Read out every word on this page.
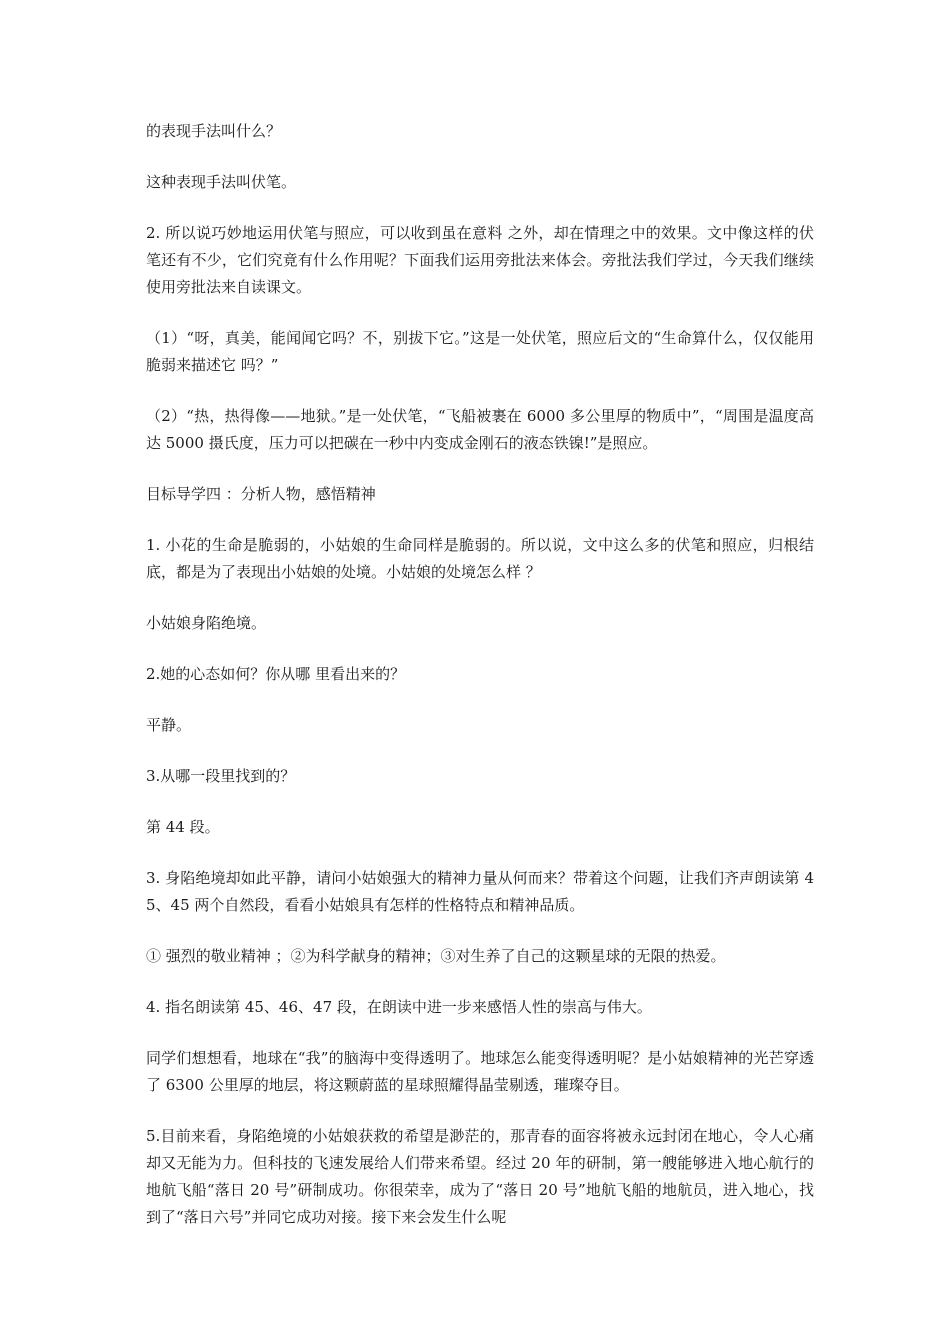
的表现手法叫什么？

这种表现手法叫伏笔。

2. 所以说巧妙地运用伏笔与照应，可以收到虽在意料 之外，却在情理之中的效果。文中像这样的伏笔还有不少，它们究竟有什么作用呢？下面我们运用旁批法来体会。旁批法我们学过，今天我们继续使用旁批法来自读课文。

（1）“呀，真美，能闻闻它吗？不，别拔下它。”这是一处伏笔，照应后文的“生命算什么，仅仅能用脆弱来描述它 吗？”

（2）“热，热得像——地狱。”是一处伏笔，“飞船被裹在 6000 多公里厚的物质中”，“周围是温度高达 5000 摄氏度，压力可以把碳在一秒中内变成金刚石的液态铁镍!”是照应。

目标导学四 ：分析人物，感悟精神

1. 小花的生命是脆弱的，小姑娘的生命同样是脆弱的。所以说，文中这么多的伏笔和照应，归根结底，都是为了表现出小姑娘的处境。小姑娘的处境怎么样 ？

小姑娘身陷绝境。

2.她的心态如何？你从哪 里看出来的？

平静。

3.从哪一段里找到的？

第 44 段。

3. 身陷绝境却如此平静，请问小姑娘强大的精神力量从何而来？带着这个问题，让我们齐声朗读第 45、45 两个自然段，看看小姑娘具有怎样的性格特点和精神品质。

① 强烈的敬业精神 ；②为科学献身的精神；③对生养了自己的这颗星球的无限的热爱。

4. 指名朗读第 45、46、47 段，在朗读中进一步来感悟人性的崇高与伟大。

同学们想想看，地球在“我”的脑海中变得透明了。地球怎么能变得透明呢？是小姑娘精神的光芒穿透了 6300 公里厚的地层，将这颗蔚蓝的星球照耀得晶莹剔透，璀璨夺目。

5.目前来看，身陷绝境的小姑娘获救的希望是渺茫的，那青春的面容将被永远封闭在地心，令人心痛却又无能为力。但科技的飞速发展给人们带来希望。经过 20 年的研制，第一艘能够进入地心航行的地航飞船“落日 20 号”研制成功。你很荣幸，成为了“落日 20 号”地航飞船的地航员，进入地心，找到了“落日六号”并同它成功对接。接下来会发生什么呢
